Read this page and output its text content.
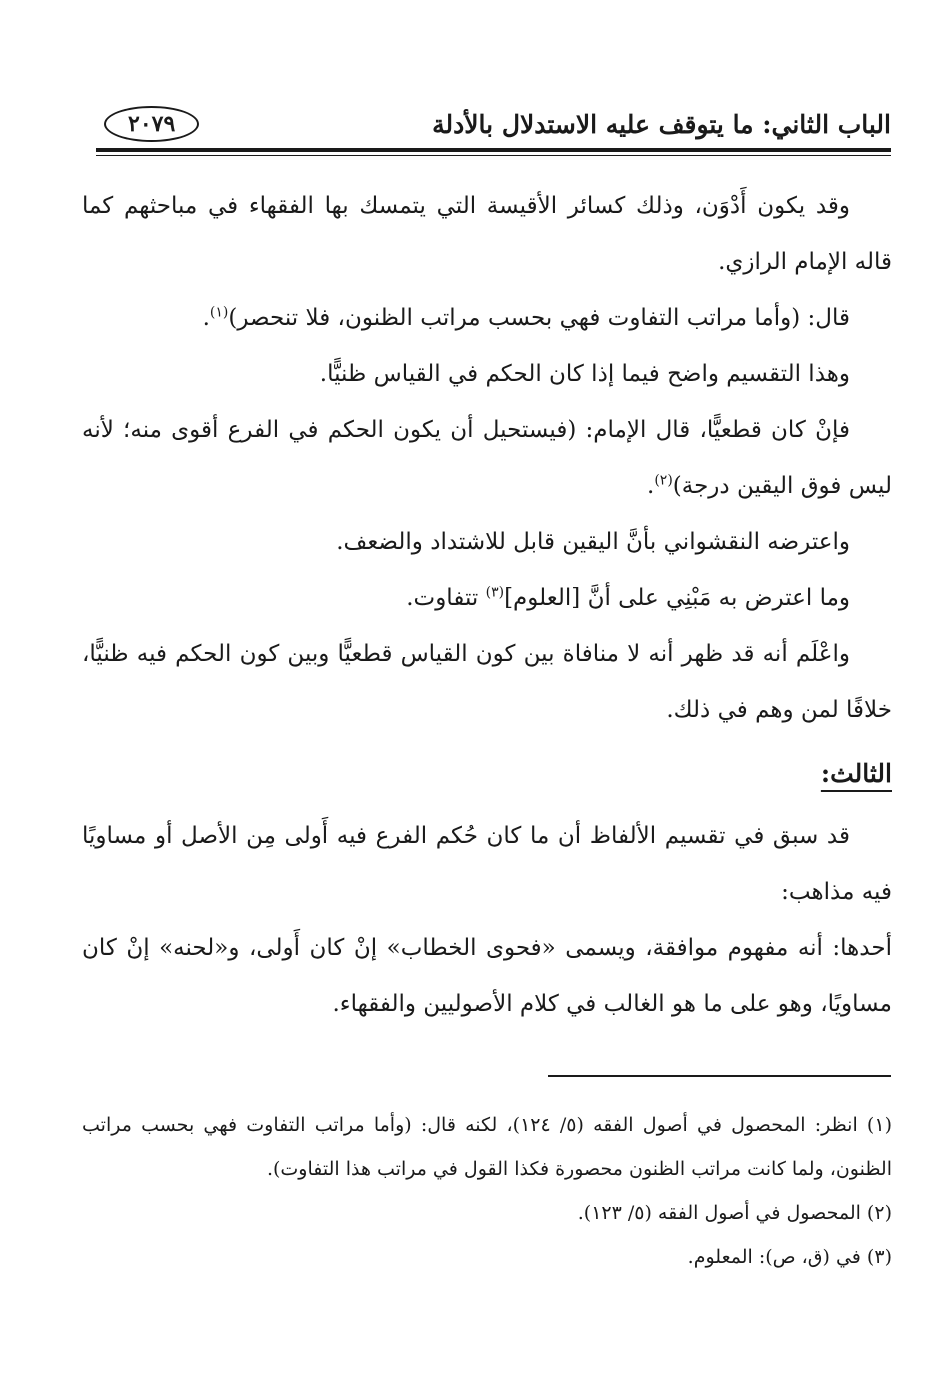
الباب الثاني: ما يتوقف عليه الاستدلال بالأدلة
٢٠٧٩

وقد يكون أَدْوَن، وذلك كسائر الأقيسة التي يتمسك بها الفقهاء في مباحثهم كما قاله الإمام الرازي.

قال: (وأما مراتب التفاوت فهي بحسب مراتب الظنون، فلا تنحصر)$^{(١)}$.

وهذا التقسيم واضح فيما إذا كان الحكم في القياس ظنيًّا.

فإنْ كان قطعيًّا، قال الإمام: (فيستحيل أن يكون الحكم في الفرع أقوى منه؛ لأنه ليس فوق اليقين درجة)$^{(٢)}$.

واعترضه النقشواني بأنَّ اليقين قابل للاشتداد والضعف.

وما اعترض به مَبْنِي على أنَّ [العلوم]$^{(٣)}$ تتفاوت.

واعْلَم أنه قد ظهر أنه لا منافاة بين كون القياس قطعيًّا وبين كون الحكم فيه ظنيًّا، خلافًا لمن وهم في ذلك.

الثالث:

قد سبق في تقسيم الألفاظ أن ما كان حُكم الفرع فيه أَولى مِن الأصل أو مساويًا فيه مذاهب:

أحدها: أنه مفهوم موافقة، ويسمى «فحوى الخطاب» إنْ كان أَولى، و«لحنه» إنْ كان مساويًا، وهو على ما هو الغالب في كلام الأصوليين والفقهاء.

(١) انظر: المحصول في أصول الفقه (٥/ ١٢٤)، لكنه قال: (وأما مراتب التفاوت فهي بحسب مراتب الظنون، ولما كانت مراتب الظنون محصورة فكذا القول في مراتب هذا التفاوت).

(٢) المحصول في أصول الفقه (٥/ ١٢٣).

(٣) في (ق، ص): المعلوم.
